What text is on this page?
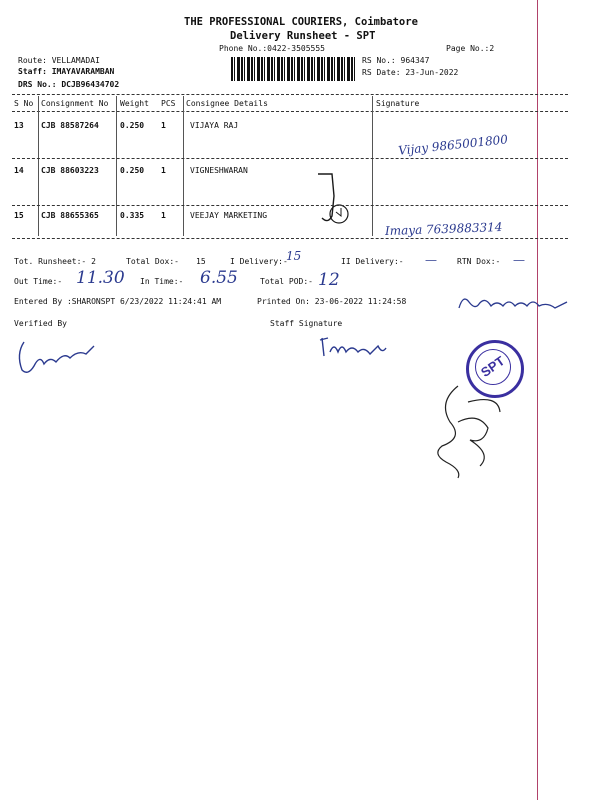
THE PROFESSIONAL COURIERS, Coimbatore
Delivery Runsheet - SPT
Phone No.:0422-3505555	Page No.:2
Route: VELLAMADAI
Staff: IMAYAVARAMBAN
DRS No.: DCJB96434702
RS No.: 964347
RS Date: 23-Jun-2022
S No Consignment No Weight PCS Consignee Details	Signature
13 CJB 88587264	0.250 1	VIJAYA RAJ
Vijay 9865001800
14 CJB 88603223	0.250 1	VIGNESHWARAN
15 CJB 88655365	0.335 1	VEEJAY MARKETING
Imaya 7639883314
Tot. Runsheet:- 2	Total Dox:- 15	I Delivery:-
15	II Delivery:- —	RTN Dox:- —
Out Time:- 11.30 In Time:- 6.55	Total POD:- 12
Entered By :SHARONSPT 6/23/2022 11:24:41 AM	Printed On: 23-06-2022 11:24:58
Verified By	Staff Signature
SPT
